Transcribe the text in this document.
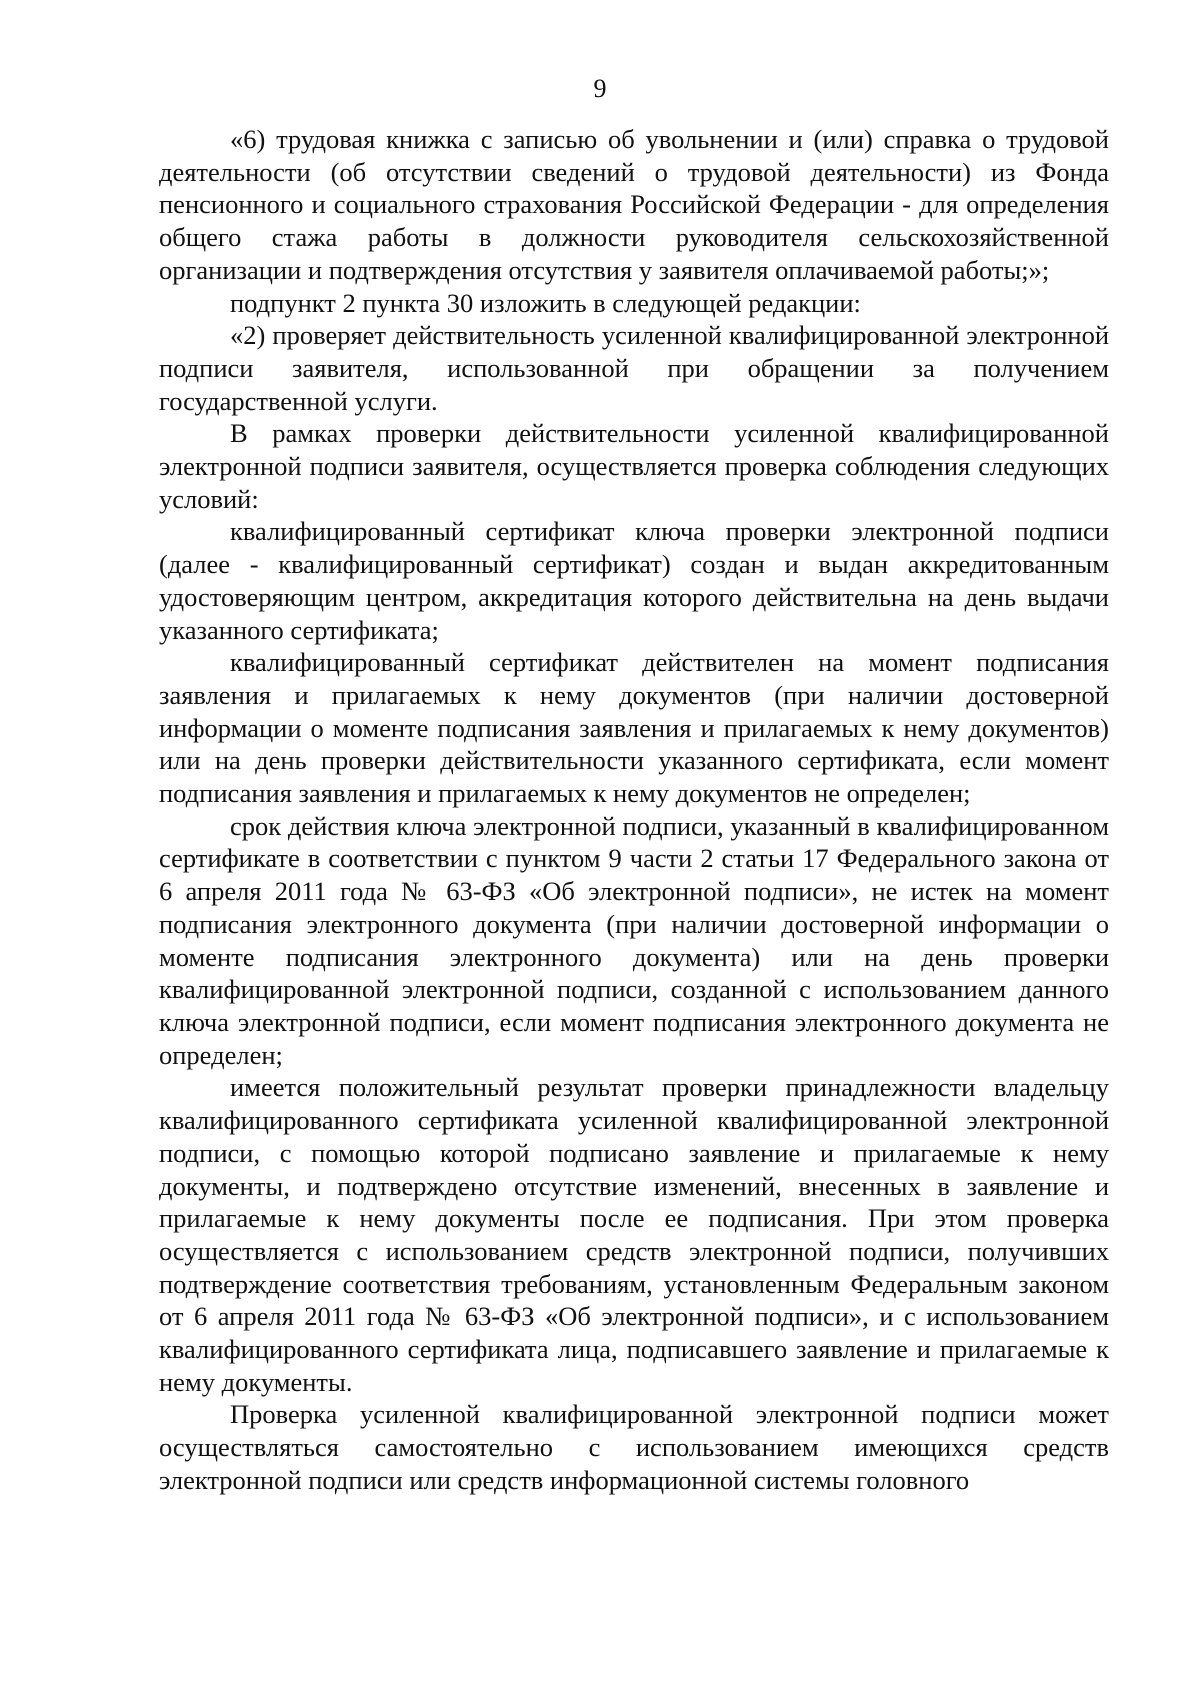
9

«6) трудовая книжка с записью об увольнении и (или) справка о трудовой деятельности (об отсутствии сведений о трудовой деятельности) из Фонда пенсионного и социального страхования Российской Федерации - для определения общего стажа работы в должности руководителя сельскохозяйственной организации и подтверждения отсутствия у заявителя оплачиваемой работы;»;

подпункт 2 пункта 30 изложить в следующей редакции:

«2) проверяет действительность усиленной квалифицированной электронной подписи заявителя, использованной при обращении за получением государственной услуги.

В рамках проверки действительности усиленной квалифицированной электронной подписи заявителя, осуществляется проверка соблюдения следующих условий:

квалифицированный сертификат ключа проверки электронной подписи (далее - квалифицированный сертификат) создан и выдан аккредитованным удостоверяющим центром, аккредитация которого действительна на день выдачи указанного сертификата;

квалифицированный сертификат действителен на момент подписания заявления и прилагаемых к нему документов (при наличии достоверной информации о моменте подписания заявления и прилагаемых к нему документов) или на день проверки действительности указанного сертификата, если момент подписания заявления и прилагаемых к нему документов не определен;

срок действия ключа электронной подписи, указанный в квалифицированном сертификате в соответствии с пунктом 9 части 2 статьи 17 Федерального закона от 6 апреля 2011 года № 63-ФЗ «Об электронной подписи», не истек на момент подписания электронного документа (при наличии достоверной информации о моменте подписания электронного документа) или на день проверки квалифицированной электронной подписи, созданной с использованием данного ключа электронной подписи, если момент подписания электронного документа не определен;

имеется положительный результат проверки принадлежности владельцу квалифицированного сертификата усиленной квалифицированной электронной подписи, с помощью которой подписано заявление и прилагаемые к нему документы, и подтверждено отсутствие изменений, внесенных в заявление и прилагаемые к нему документы после ее подписания. При этом проверка осуществляется с использованием средств электронной подписи, получивших подтверждение соответствия требованиям, установленным Федеральным законом от 6 апреля 2011 года № 63-ФЗ «Об электронной подписи», и с использованием квалифицированного сертификата лица, подписавшего заявление и прилагаемые к нему документы.

Проверка усиленной квалифицированной электронной подписи может осуществляться самостоятельно с использованием имеющихся средств электронной подписи или средств информационной системы головного
